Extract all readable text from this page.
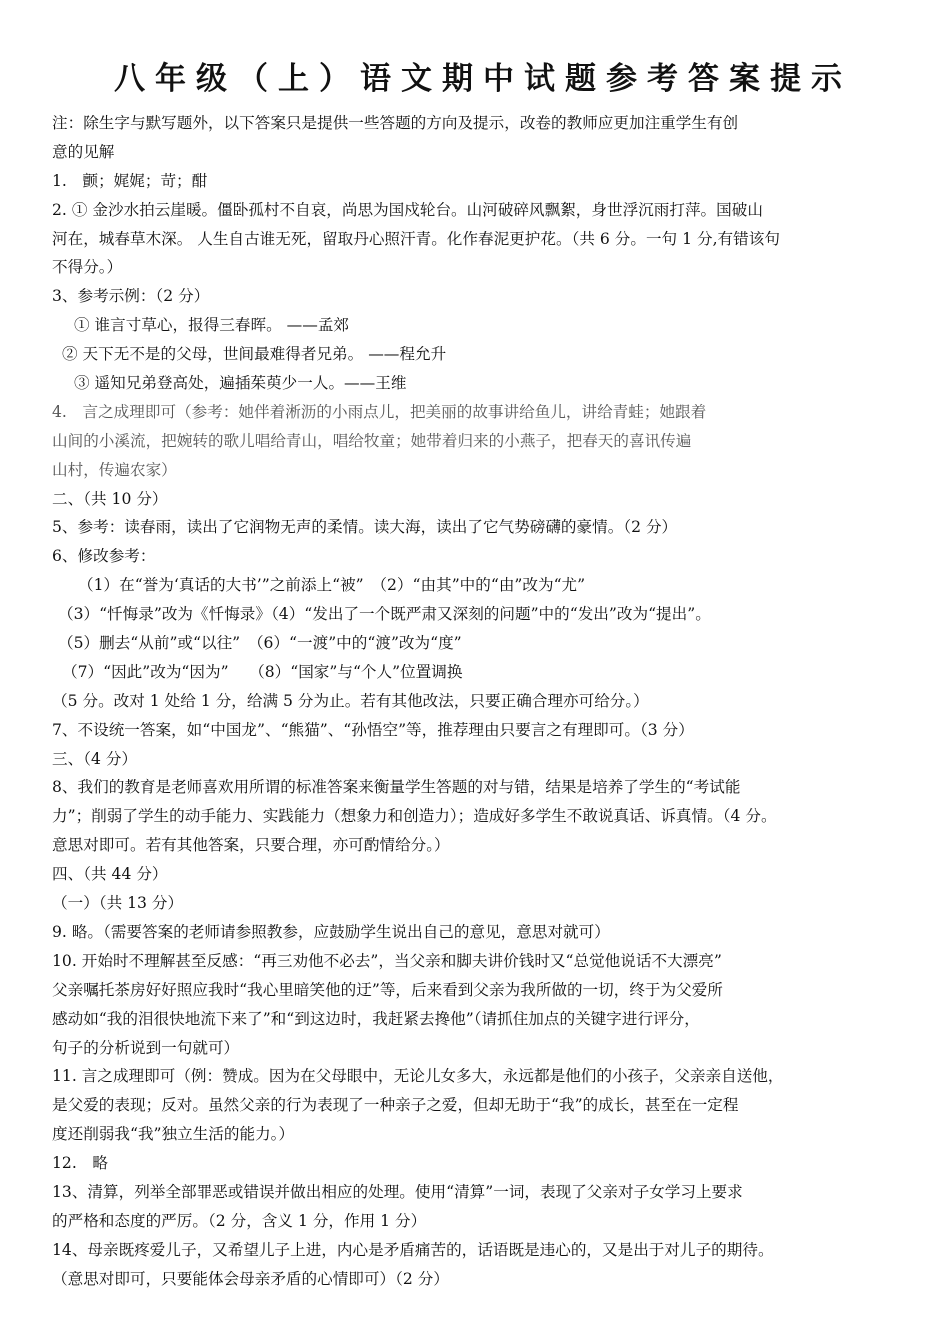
八年级（上）语文期中试题参考答案提示
注：除生字与默写题外，以下答案只是提供一些答题的方向及提示，改卷的教师应更加注重学生有创
意的见解
1.　颤；娓娓；苛；酣
2. ① 金沙水拍云崖暖。僵卧孤村不自哀，尚思为国戍轮台。山河破碎风飘絮，身世浮沉雨打萍。国破山
河在，城春草木深。 人生自古谁无死，留取丹心照汗青。化作春泥更护花。（共 6 分。一句 1 分,有错该句
不得分。）
3、参考示例：（2 分）
① 谁言寸草心，报得三春晖。 ——孟郊
② 天下无不是的父母，世间最难得者兄弟。 ——程允升
③ 遥知兄弟登高处，遍插茱萸少一人。——王维
4.　言之成理即可（参考：她伴着淅沥的小雨点儿，把美丽的故事讲给鱼儿，讲给青蛙；她跟着
山间的小溪流，把婉转的歌儿唱给青山，唱给牧童；她带着归来的小燕子，把春天的喜讯传遍
山村，传遍农家）
二、（共 10 分）
5、参考：读春雨，读出了它润物无声的柔情。读大海，读出了它气势磅礴的豪情。（2 分）
6、修改参考：
（1）在“誉为‘真话的大书’”之前添上“被”　（2）“由其”中的“由”改为“尤”
（3）“忏悔录”改为《忏悔录》（4）“发出了一个既严肃又深刻的问题”中的“发出”改为“提出”。
（5）删去“从前”或“以往”　（6）“一渡”中的“渡”改为“度”
（7）“因此”改为“因为”　 （8）“国家”与“个人”位置调换
（5 分。改对 1 处给 1 分，给满 5 分为止。若有其他改法，只要正确合理亦可给分。）
7、不设统一答案，如“中国龙”、“熊猫”、“孙悟空”等，推荐理由只要言之有理即可。（3 分）
三、（4 分）
8、我们的教育是老师喜欢用所谓的标准答案来衡量学生答题的对与错，结果是培养了学生的“考试能
力”；削弱了学生的动手能力、实践能力（想象力和创造力）；造成好多学生不敢说真话、诉真情。（4 分。
意思对即可。若有其他答案，只要合理，亦可酌情给分。）
四、（共 44 分）
（一）（共 13 分）
9. 略。（需要答案的老师请参照教参，应鼓励学生说出自己的意见，意思对就可）
10. 开始时不理解甚至反感：“再三劝他不必去”，当父亲和脚夫讲价钱时又“总觉他说话不大漂亮”
父亲嘱托茶房好好照应我时“我心里暗笑他的迂”等，后来看到父亲为我所做的一切，终于为父爱所
感动如“我的泪很快地流下来了”和“到这边时，我赶紧去搀他”（请抓住加点的关键字进行评分，
句子的分析说到一句就可）
11. 言之成理即可（例：赞成。因为在父母眼中，无论儿女多大，永远都是他们的小孩子，父亲亲自送他，
是父爱的表现；反对。虽然父亲的行为表现了一种亲子之爱，但却无助于“我”的成长，甚至在一定程
度还削弱我“我”独立生活的能力。）
12.　略
13、清算，列举全部罪恶或错误并做出相应的处理。使用“清算”一词，表现了父亲对子女学习上要求
的严格和态度的严厉。（2 分，含义 1 分，作用 1 分）
14、母亲既疼爱儿子，又希望儿子上进，内心是矛盾痛苦的，话语既是违心的，又是出于对儿子的期待。
（意思对即可，只要能体会母亲矛盾的心情即可）（2 分）
